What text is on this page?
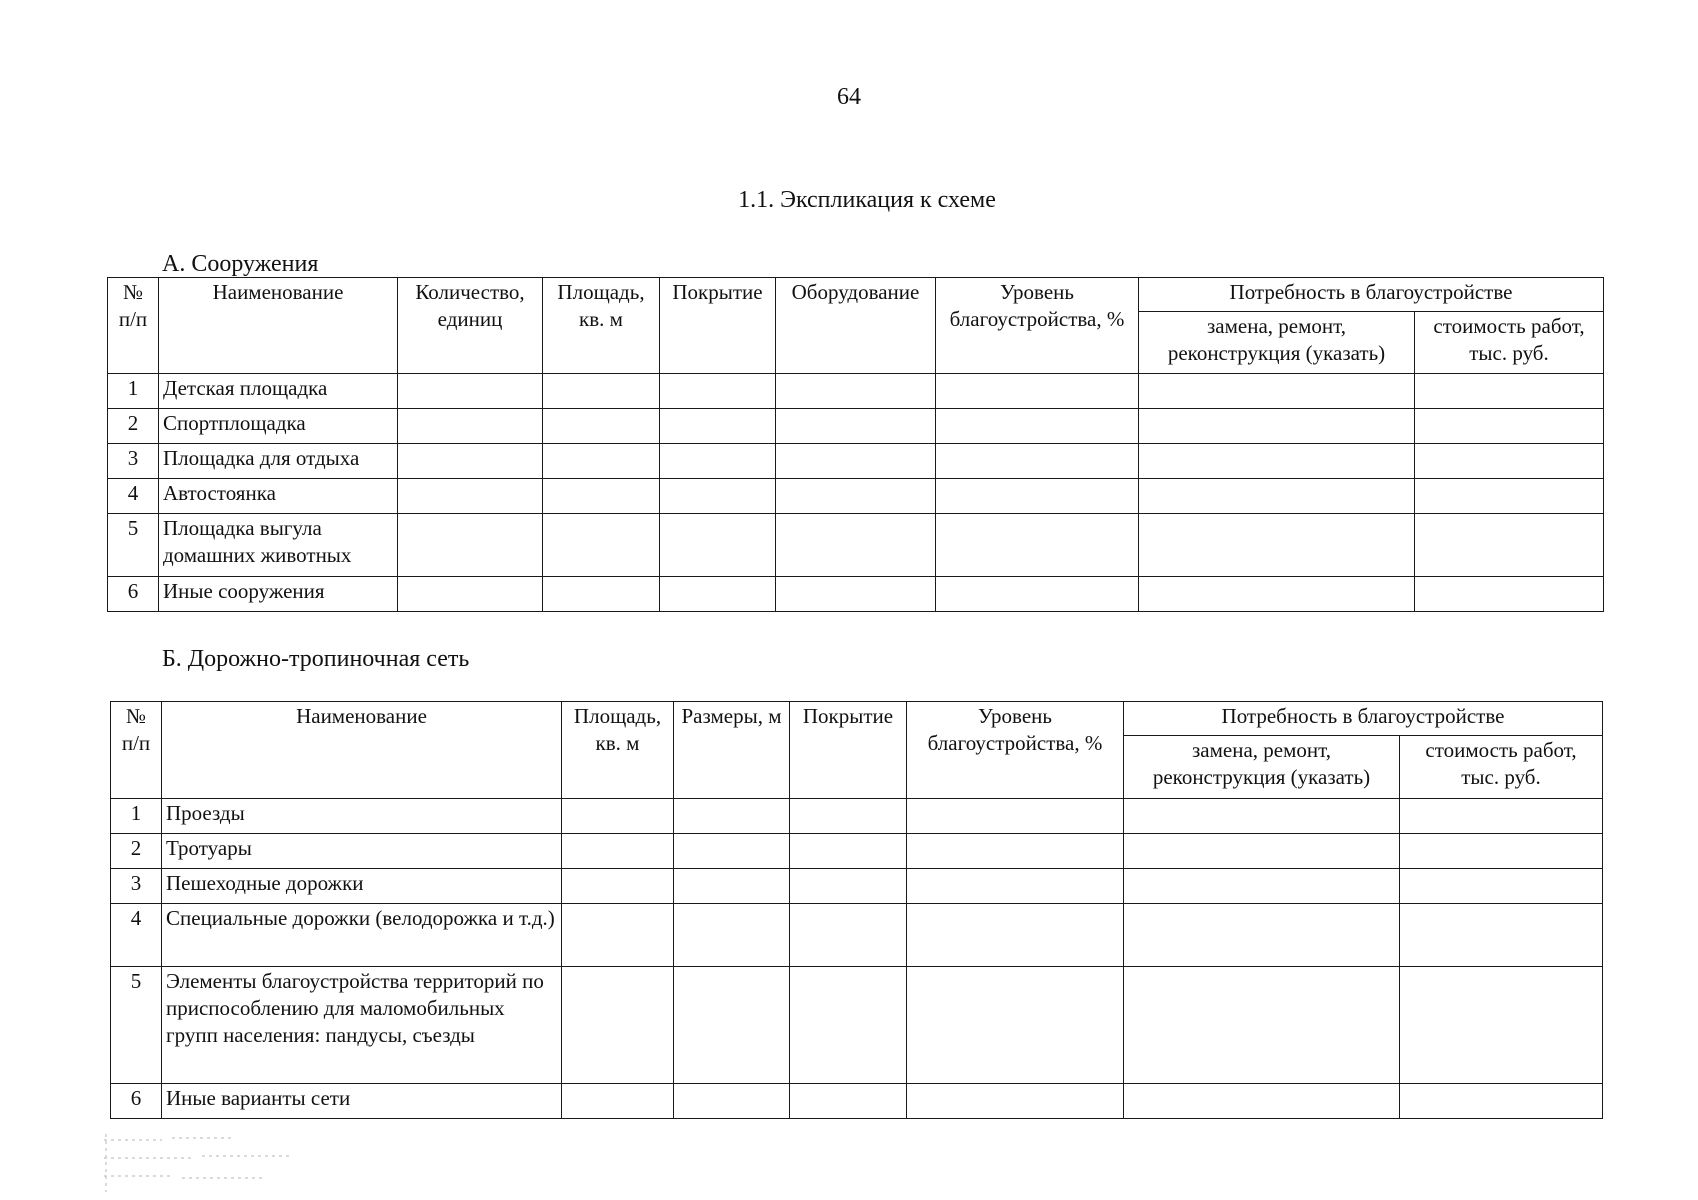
64
1.1. Экспликация к схеме
А. Сооружения
№ п/п	Наименование	Количество, единиц	Площадь, кв. м	Покрытие	Оборудование	Уровень благоустройства, %	Потребность в благоустройстве	
							замена, ремонт, реконструкция (указать)	стоимость работ, тыс. руб.
1	Детская площадка							
2	Спортплощадка							
3	Площадка для отдыха							
4	Автостоянка							
5	Площадка выгула домашних животных							
6	Иные сооружения							
Б. Дорожно-тропиночная сеть
№ п/п	Наименование	Площадь, кв. м	Размеры, м	Покрытие	Уровень благоустройства, %	Потребность в благоустройстве	
						замена, ремонт, реконструкция (указать)	стоимость работ, тыс. руб.
1	Проезды						
2	Тротуары						
3	Пешеходные дорожки						
4	Специальные дорожки (велодорожка и т.д.)						
5	Элементы благоустройства территорий по приспособлению для маломобильных групп населения: пандусы, съезды						
6	Иные варианты сети						
